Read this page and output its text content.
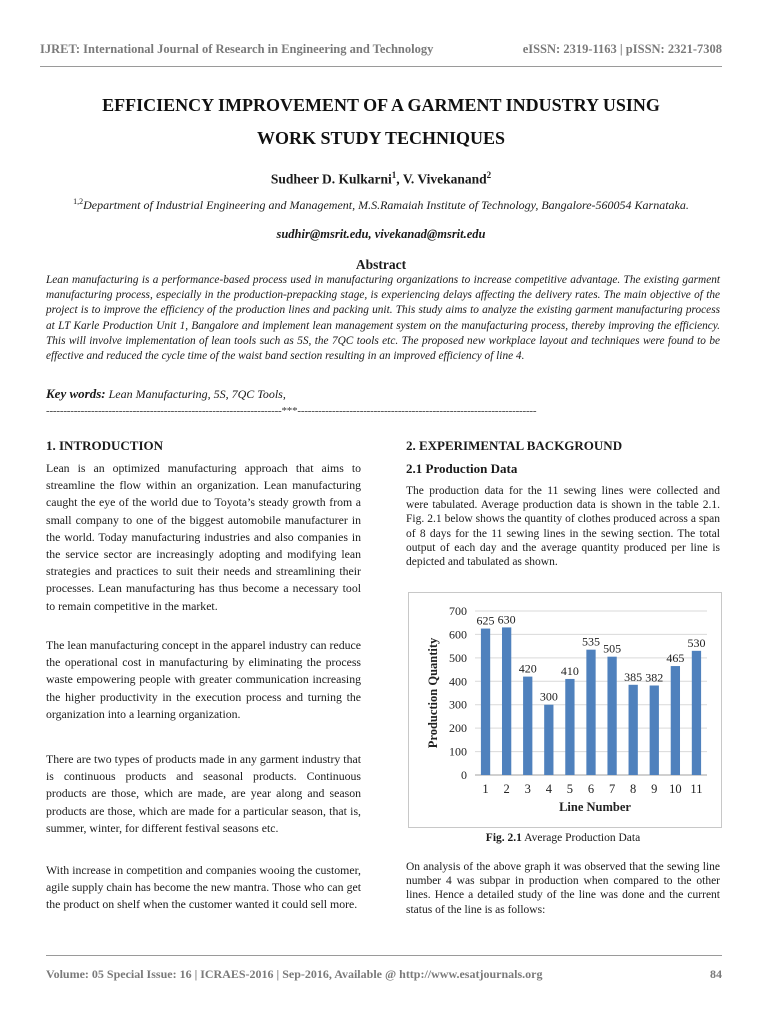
IJRET: International Journal of Research in Engineering and Technology	eISSN: 2319-1163 | pISSN: 2321-7308
EFFICIENCY IMPROVEMENT OF A GARMENT INDUSTRY USING
WORK STUDY TECHNIQUES
Sudheer D. Kulkarni$^1$, V. Vivekanand$^2$
$^{1,2}$Department of Industrial Engineering and Management, M.S.Ramaiah Institute of Technology, Bangalore-560054 Karnataka.
sudhir@msrit.edu, vivekanad@msrit.edu
Abstract
Lean manufacturing is a performance-based process used in manufacturing organizations to increase competitive advantage. The existing garment manufacturing process, especially in the production-prepacking stage, is experiencing delays affecting the delivery rates. The main objective of the project is to improve the efficiency of the production lines and packing unit. This study aims to analyze the existing garment manufacturing process at LT Karle Production Unit 1, Bangalore and implement lean management system on the manufacturing process, thereby improving the efficiency. This will involve implementation of lean tools such as 5S, the 7QC tools etc. The proposed new workplace layout and techniques were found to be effective and reduced the cycle time of the waist band section resulting in an improved efficiency of line 4.
Key words: Lean Manufacturing, 5S, 7QC Tools,
--------------------------------------------------------------------***---------------------------------------------------------------------
1. INTRODUCTION
Lean is an optimized manufacturing approach that aims to streamline the flow within an organization. Lean manufacturing caught the eye of the world due to Toyota’s steady growth from a small company to one of the biggest automobile manufacturer in the world. Today manufacturing industries and also companies in the service sector are increasingly adopting and modifying lean strategies and practices to suit their needs and streamlining their processes. Lean manufacturing has thus become a necessary tool to remain competitive in the market.
The lean manufacturing concept in the apparel industry can reduce the operational cost in manufacturing by eliminating the process waste empowering people with greater communication increasing the higher productivity in the execution process and turning the organization into a learning organization.
There are two types of products made in any garment industry that is continuous products and seasonal products. Continuous products are those, which are made, are year along and season products are those, which are made for a particular season, that is, summer, winter, for different festival seasons etc.
With increase in competition and companies wooing the customer, agile supply chain has become the new mantra. Those who can get the product on shelf when the customer wanted it could sell more.
2. EXPERIMENTAL BACKGROUND
2.1 Production Data
The production data for the 11 sewing lines were collected and were tabulated. Average production data is shown in the table 2.1. Fig. 2.1 below shows the quantity of clothes produced across a span of 8 days for the 11 sewing lines in the sewing section. The total output of each day and the average quantity produced per line is depicted and tabulated as shown.
0
100
200
300
400
500
600
700
625
1
630
2
420
3
300
4
410
5
535
6
505
7
385
8
382
9
465
10
530
11
Line Number
Production Quantity
Fig. 2.1 Average Production Data
On analysis of the above graph it was observed that the sewing line number 4 was subpar in production when compared to the other lines. Hence a detailed study of the line was done and the current status of the line is as follows:
Volume: 05 Special Issue: 16 | ICRAES-2016 | Sep-2016, Available @ http://www.esatjournals.org	84
